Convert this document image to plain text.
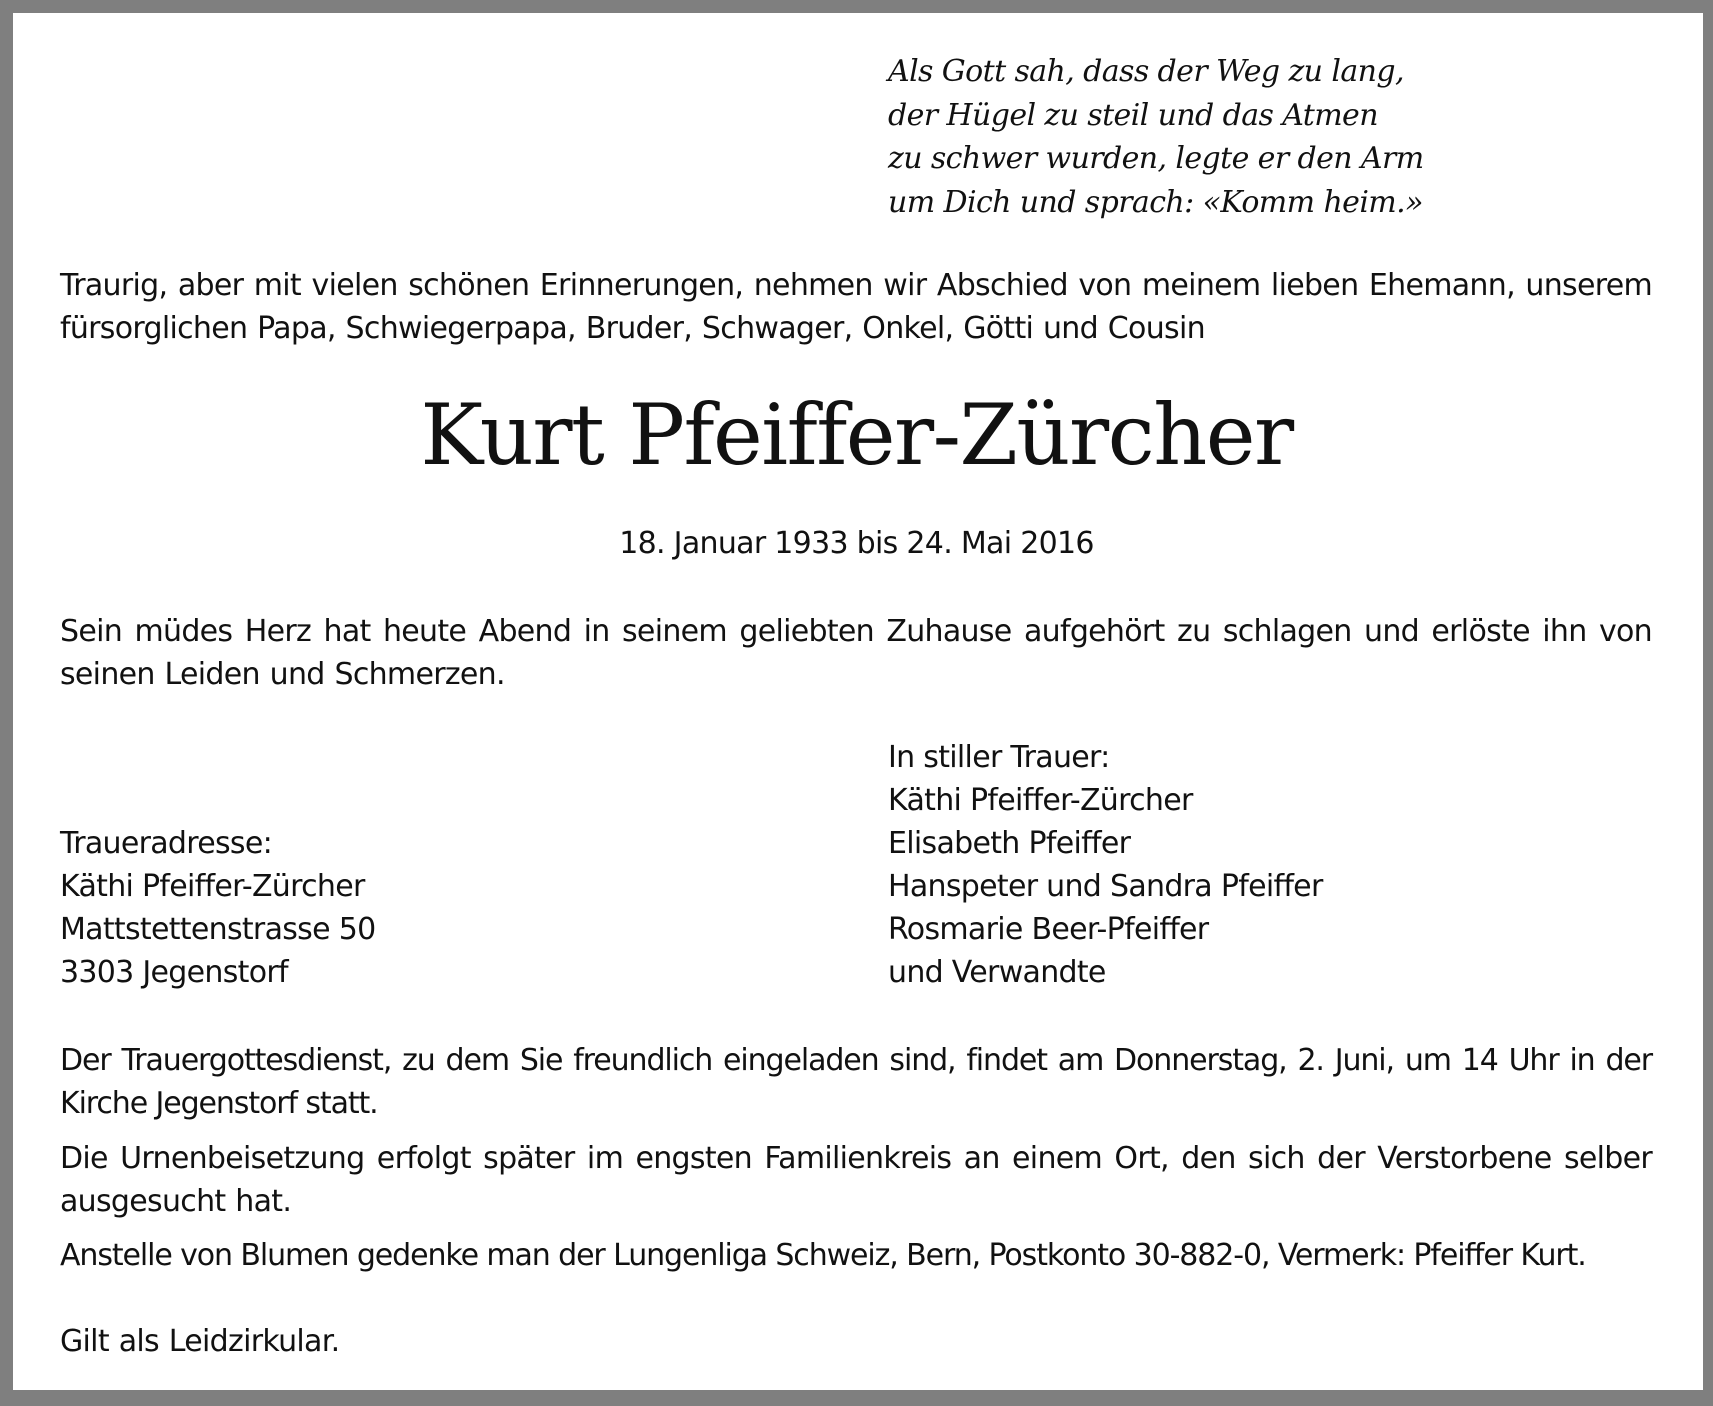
Als Gott sah, dass der Weg zu lang,
der Hügel zu steil und das Atmen
zu schwer wurden, legte er den Arm
um Dich und sprach: «Komm heim.»
Traurig, aber mit vielen schönen Erinnerungen, nehmen wir Abschied von meinem lieben Ehemann, unserem fürsorglichen Papa, Schwiegerpapa, Bruder, Schwager, Onkel, Götti und Cousin
Kurt Pfeiffer-Zürcher
18. Januar 1933 bis 24. Mai 2016
Sein müdes Herz hat heute Abend in seinem geliebten Zuhause aufgehört zu schlagen und erlöste ihn von seinen Leiden und Schmerzen.
In stiller Trauer:
Käthi Pfeiffer-Zürcher
Elisabeth Pfeiffer
Hanspeter und Sandra Pfeiffer
Rosmarie Beer-Pfeiffer
und Verwandte
Traueradresse:
Käthi Pfeiffer-Zürcher
Mattstettenstrasse 50
3303 Jegenstorf
Der Trauergottesdienst, zu dem Sie freundlich eingeladen sind, findet am Donnerstag, 2. Juni, um 14 Uhr in der Kirche Jegenstorf statt.
Die Urnenbeisetzung erfolgt später im engsten Familienkreis an einem Ort, den sich der Verstorbene selber ausgesucht hat.
Anstelle von Blumen gedenke man der Lungenliga Schweiz, Bern, Postkonto 30-882-0, Vermerk: Pfeiffer Kurt.
Gilt als Leidzirkular.
